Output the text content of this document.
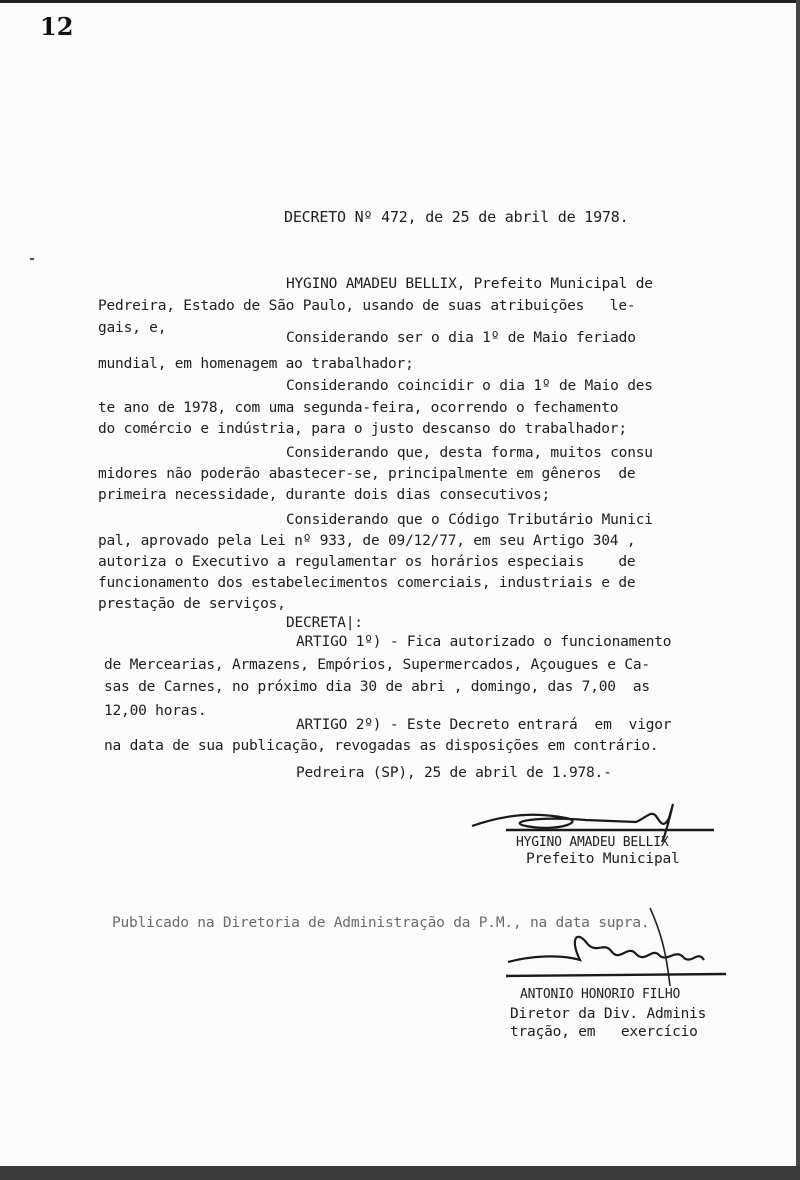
12
DECRETO Nº 472, de 25 de abril de 1978.
HYGINO AMADEU BELLIX, Prefeito Municipal de
Pedreira, Estado de São Paulo, usando de suas atribuições   le-
gais, e,
Considerando ser o dia 1º de Maio feriado
mundial, em homenagem ao trabalhador;
Considerando coincidir o dia 1º de Maio des
te ano de 1978, com uma segunda-feira, ocorrendo o fechamento
do comércio e indústria, para o justo descanso do trabalhador;
Considerando que, desta forma, muitos consu
midores não poderão abastecer-se, principalmente em gêneros  de
primeira necessidade, durante dois dias consecutivos;
Considerando que o Código Tributário Munici
pal, aprovado pela Lei nº 933, de 09/12/77, em seu Artigo 304 ,
autoriza o Executivo a regulamentar os horários especiais    de
funcionamento dos estabelecimentos comerciais, industriais e de
prestação de serviços,
DECRETA|:
ARTIGO 1º) - Fica autorizado o funcionamento
de Mercearias, Armazens, Empórios, Supermercados, Açougues e Ca-
sas de Carnes, no próximo dia 30 de abri , domingo, das 7,00  as
12,00 horas.
ARTIGO 2º) - Este Decreto entrará  em  vigor
na data de sua publicação, revogadas as disposições em contrário.
Pedreira (SP), 25 de abril de 1.978.-
HYGINO AMADEU BELLIX
Prefeito Municipal
Publicado na Diretoria de Administração da P.M., na data supra.
ANTONIO HONORIO FILHO
Diretor da Div. Adminis
tração, em   exercício
